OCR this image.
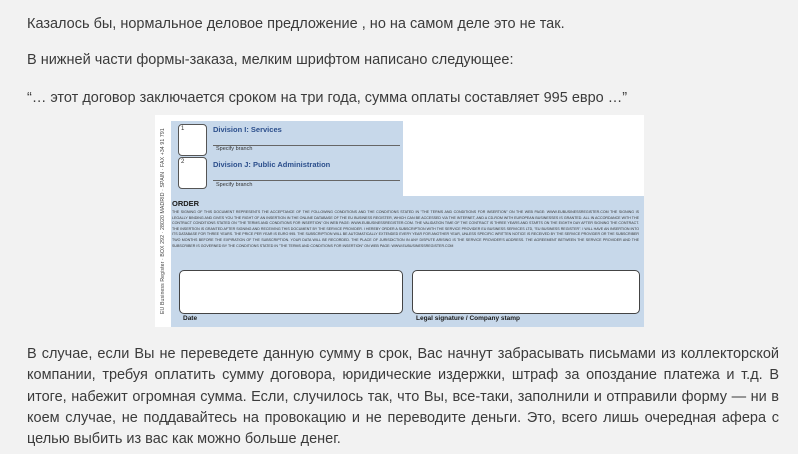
Казалось бы, нормальное деловое предложение , но на самом деле это не так.

В нижней части формы-заказа, мелким шрифтом написано следующее:

“… этот договор заключается сроком на три года, сумма оплаты составляет 995 евро …”

EU Business Register · BOX 292 · 28020 MADRID · SPAIN · FAX +34 91 791	1	Division I: Services
Specify branch
2	Division J: Public Administration
Specify branch
ORDER
THE SIGNING OF THIS DOCUMENT REPRESENTS THE ACCEPTANCE OF THE FOLLOWING CONDITIONS AND THE CONDITIONS STATED IN "THE TERMS AND CONDITIONS FOR INSERTION" ON THE WEB PAGE: WWW.EUBUSINESSREGISTER.COM THE SIGNING IS LEGALLY BINDING AND GIVES YOU THE RIGHT OF AN INSERTION IN THE ONLINE DATABASE OF THE EU BUSINESS REGISTER, WHICH CAN BE ACCESSED VIA THE INTERNET, AND A CD-ROM WITH EUROPEAN BUSINESSES IS GRANTED. ALL IN ACCORDANCE WITH THE CONTRACT CONDITIONS STATED ON "THE TERMS AND CONDITIONS FOR INSERTION" ON WEB PAGE: WWW.EUBUSINESSREGISTER.COM. THE VALIDATION TIME OF THE CONTRACT IS THREE YEARS AND STARTS ON THE EIGHTH DAY AFTER SIGNING THE CONTRACT. THE INSERTION IS GRANTED AFTER SIGNING AND RECEIVING THIS DOCUMENT BY THE SERVICE PROVIDER. I HEREBY ORDER A SUBSCRIPTION WITH THE SERVICE PROVIDER EU BUSINESS SERVICES LTD, "EU BUSINESS REGISTER". I WILL HAVE AN INSERTION INTO ITS DATABASE FOR THREE YEARS. THE PRICE PER YEAR IS EURO 995. THE SUBSCRIPTION WILL BE AUTOMATICALLY EXTENDED EVERY YEAR FOR ANOTHER YEAR, UNLESS SPECIFIC WRITTEN NOTICE IS RECEIVED BY THE SERVICE PROVIDER OR THE SUBSCRIBER TWO MONTHS BEFORE THE EXPIRATION OF THE SUBSCRIPTION. YOUR DATA WILL BE RECORDED. THE PLACE OF JURISDICTION IN ANY DISPUTE ARISING IS THE SERVICE PROVIDER'S ADDRESS. THE AGREEMENT BETWEEN THE SERVICE PROVIDER AND THE SUBSCRIBER IS GOVERNED BY THE CONDITIONS STATED IN "THE TERMS AND CONDITIONS FOR INSERTION" ON WEB PAGE: WWW.EUBUSINESSREGISTER.COM
Date	Legal signature / Company stamp

В случае, если Вы не переведете данную сумму в срок, Вас начнут забрасывать письмами из коллекторской компании, требуя оплатить сумму договора, юридические издержки, штраф за опоздание платежа и т.д. В итоге, набежит огромная сумма. Если, случилось так, что Вы, все-таки, заполнили и отправили форму — ни в коем случае, не поддавайтесь на провокацию и не переводите деньги. Это, всего лишь очередная афера с целью выбить из вас как можно больше денег.
